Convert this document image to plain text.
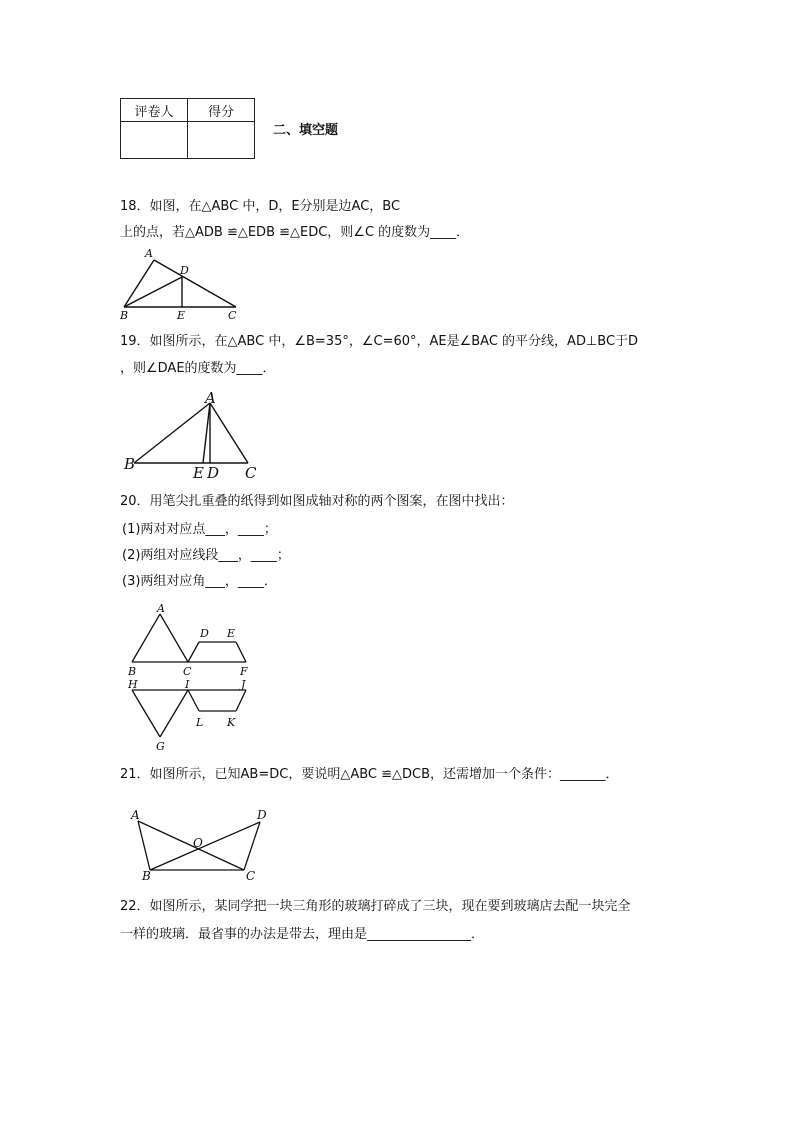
评卷人	得分

二、填空题
18．如图，在△ABC 中，D，E分别是边AC，BC
上的点，若△ADB ≌△EDB ≌△EDC，则∠C 的度数为____．
A
D
B	E	C
19．如图所示，在△ABC 中，∠B=35°，∠C=60°，AE是∠BAC 的平分线，AD⊥BC于D
，则∠DAE的度数为____．
A
B	E D C
20．用笔尖扎重叠的纸得到如图成轴对称的两个图案，在图中找出：
(1)两对对应点___，____；
(2)两组对应线段___，____；
(3)两组对应角___，____．
A
D E
B	C	F
H	I	J
L K
G
21．如图所示，已知AB=DC，要说明△ABC ≌△DCB，还需增加一个条件：_______．
A	D
O
B	C
22．如图所示，某同学把一块三角形的玻璃打碎成了三块，现在要到玻璃店去配一块完全
一样的玻璃．最省事的办法是带去，理由是________________．
